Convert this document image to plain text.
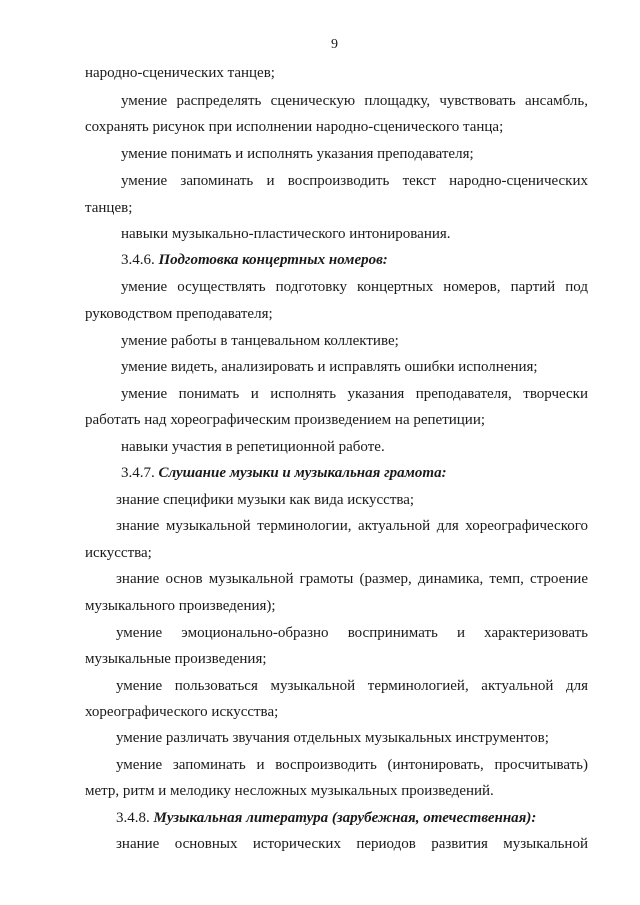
9
народно-сценических танцев;
умение распределять сценическую площадку, чувствовать ансамбль,
сохранять рисунок при исполнении народно-сценического танца;
умение понимать и исполнять указания преподавателя;
умение запоминать и воспроизводить текст народно-сценических
танцев;
навыки музыкально-пластического интонирования.
3.4.6. Подготовка концертных номеров:
умение осуществлять подготовку концертных номеров, партий под
руководством преподавателя;
умение работы в танцевальном коллективе;
умение видеть, анализировать и исправлять ошибки исполнения;
умение понимать и исполнять указания преподавателя, творчески
работать над хореографическим произведением на репетиции;
навыки участия в репетиционной работе.
3.4.7. Слушание музыки и музыкальная грамота:
знание специфики музыки как вида искусства;
знание музыкальной терминологии, актуальной для хореографического
искусства;
знание основ музыкальной грамоты (размер, динамика, темп, строение
музыкального произведения);
умение эмоционально-образно воспринимать и характеризовать
музыкальные произведения;
умение пользоваться музыкальной терминологией, актуальной для
хореографического искусства;
умение различать звучания отдельных музыкальных инструментов;
умение запоминать и воспроизводить (интонировать, просчитывать)
метр, ритм и мелодику несложных музыкальных произведений.
3.4.8. Музыкальная литература (зарубежная, отечественная):
знание основных исторических периодов развития музыкальной
